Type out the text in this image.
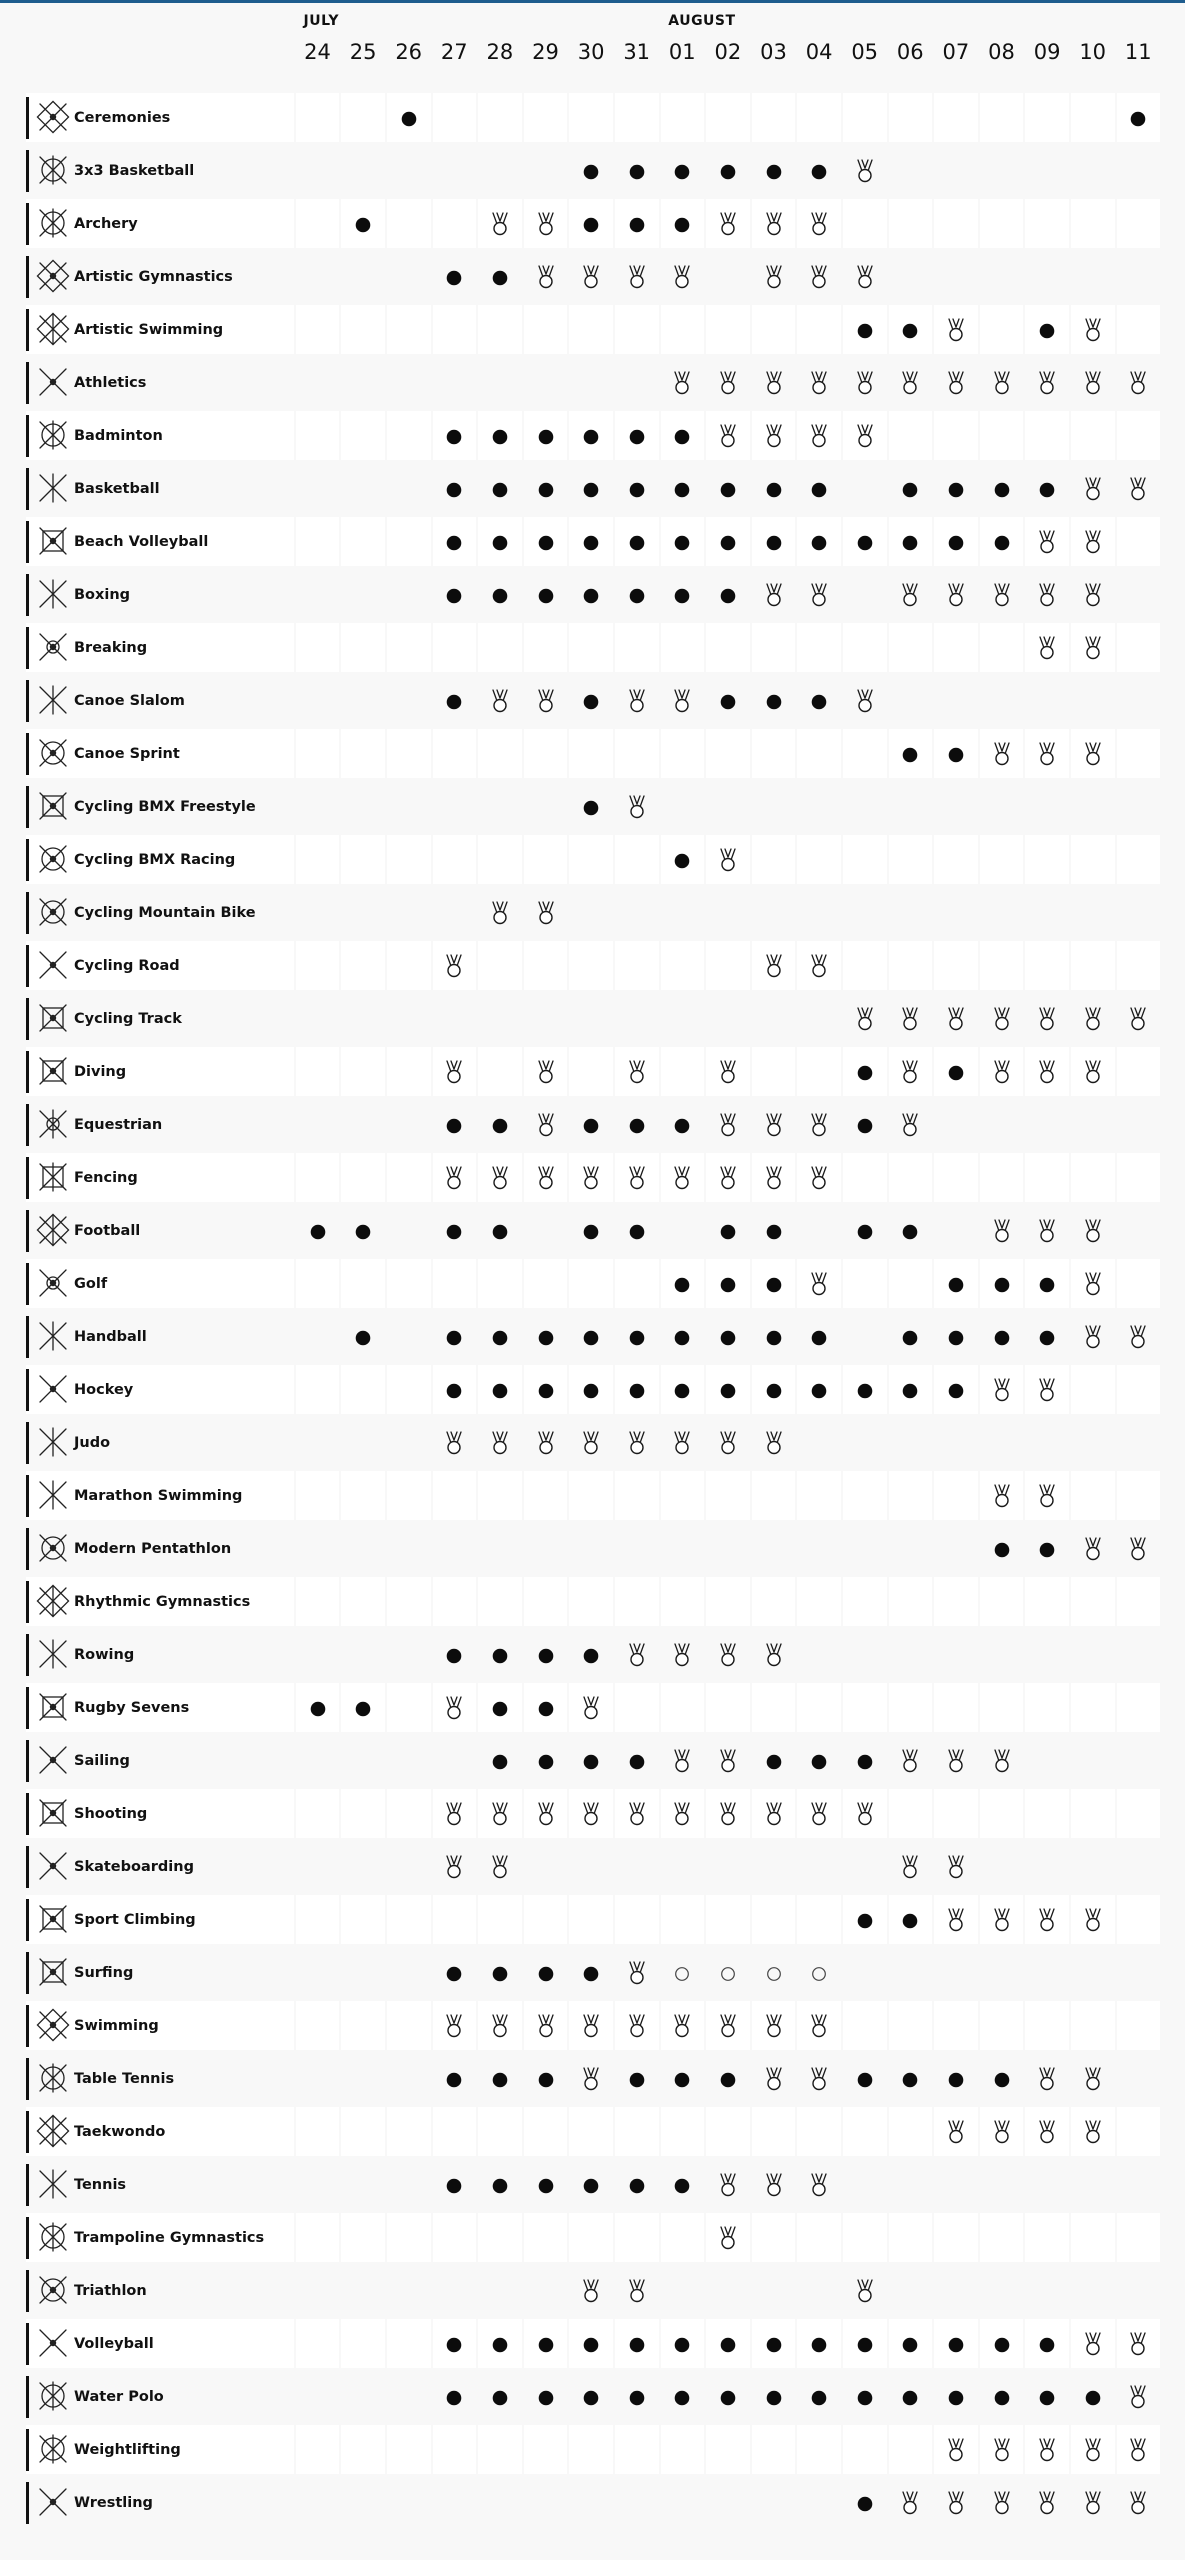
JULY	AUGUST
24 25 26 27 28 29 30 31 01 02 03 04 05 06 07 08 09 10 11
Ceremonies
3x3 Basketball
Archery
Artistic Gymnastics
Artistic Swimming
Athletics
Badminton
Basketball
Beach Volleyball
Boxing
Breaking
Canoe Slalom
Canoe Sprint
Cycling BMX Freestyle
Cycling BMX Racing
Cycling Mountain Bike
Cycling Road
Cycling Track
Diving
Equestrian
Fencing
Football
Golf
Handball
Hockey
Judo
Marathon Swimming
Modern Pentathlon
Rhythmic Gymnastics
Rowing
Rugby Sevens
Sailing
Shooting
Skateboarding
Sport Climbing
Surfing
Swimming
Table Tennis
Taekwondo
Tennis
Trampoline Gymnastics
Triathlon
Volleyball
Water Polo
Weightlifting
Wrestling
